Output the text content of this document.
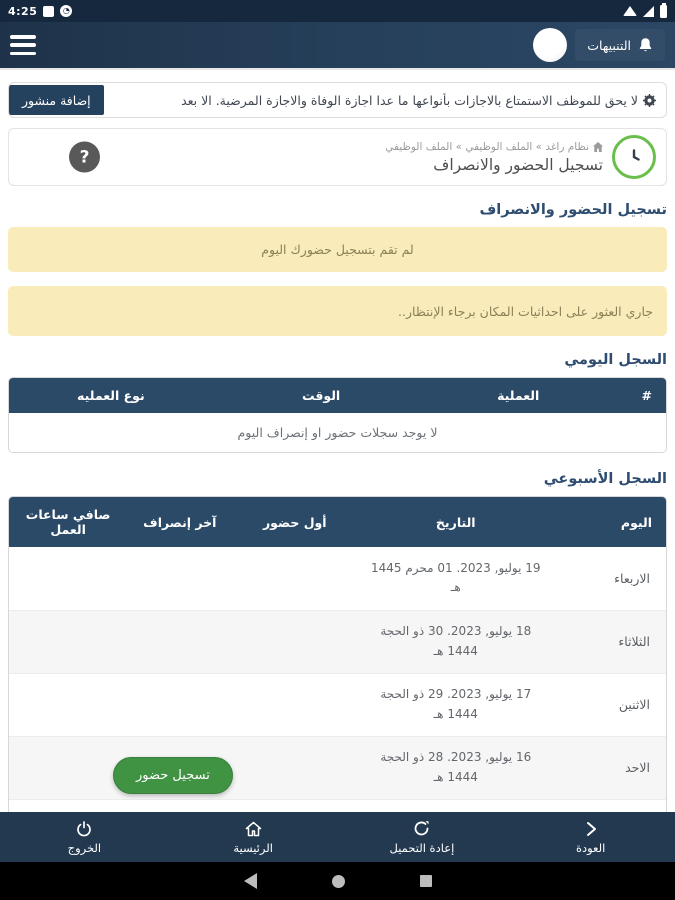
4:25	◔
التنبيهات
لا يحق للموظف الاستمتاع بالاجازات بأنواعها ما عدا اجازة الوفاة والاجازة المرضية. الا بعد
إضافة منشور
نظام راغد » الملف الوظيفي » الملف الوظيفي
تسجيل الحضور والانصراف
?
تسجيل الحضور والانصراف
لم تقم بتسجيل حضورك اليوم
جاري العثور على احداثيات المكان برجاء الإنتظار..
السجل اليومي
#	العملية	الوقت	نوع العمليه
لا يوجد سجلات حضور او إنصراف اليوم
السجل الأسبوعي
اليوم	التاريخ	أول حضور	آخر إنصراف	صافي ساعات العمل
الاربعاء	19 يوليو, 2023. 01 محرم 1445 هـ			

الثلاثاء	18 يوليو, 2023. 30 ذو الحجة 1444 هـ			

الاثنين	17 يوليو, 2023. 29 ذو الحجة 1444 هـ			

الاحد	16 يوليو, 2023. 28 ذو الحجة 1444 هـ			

تسجيل حضور
العودة
إعادة التحميل
الرئيسية
الخروج
